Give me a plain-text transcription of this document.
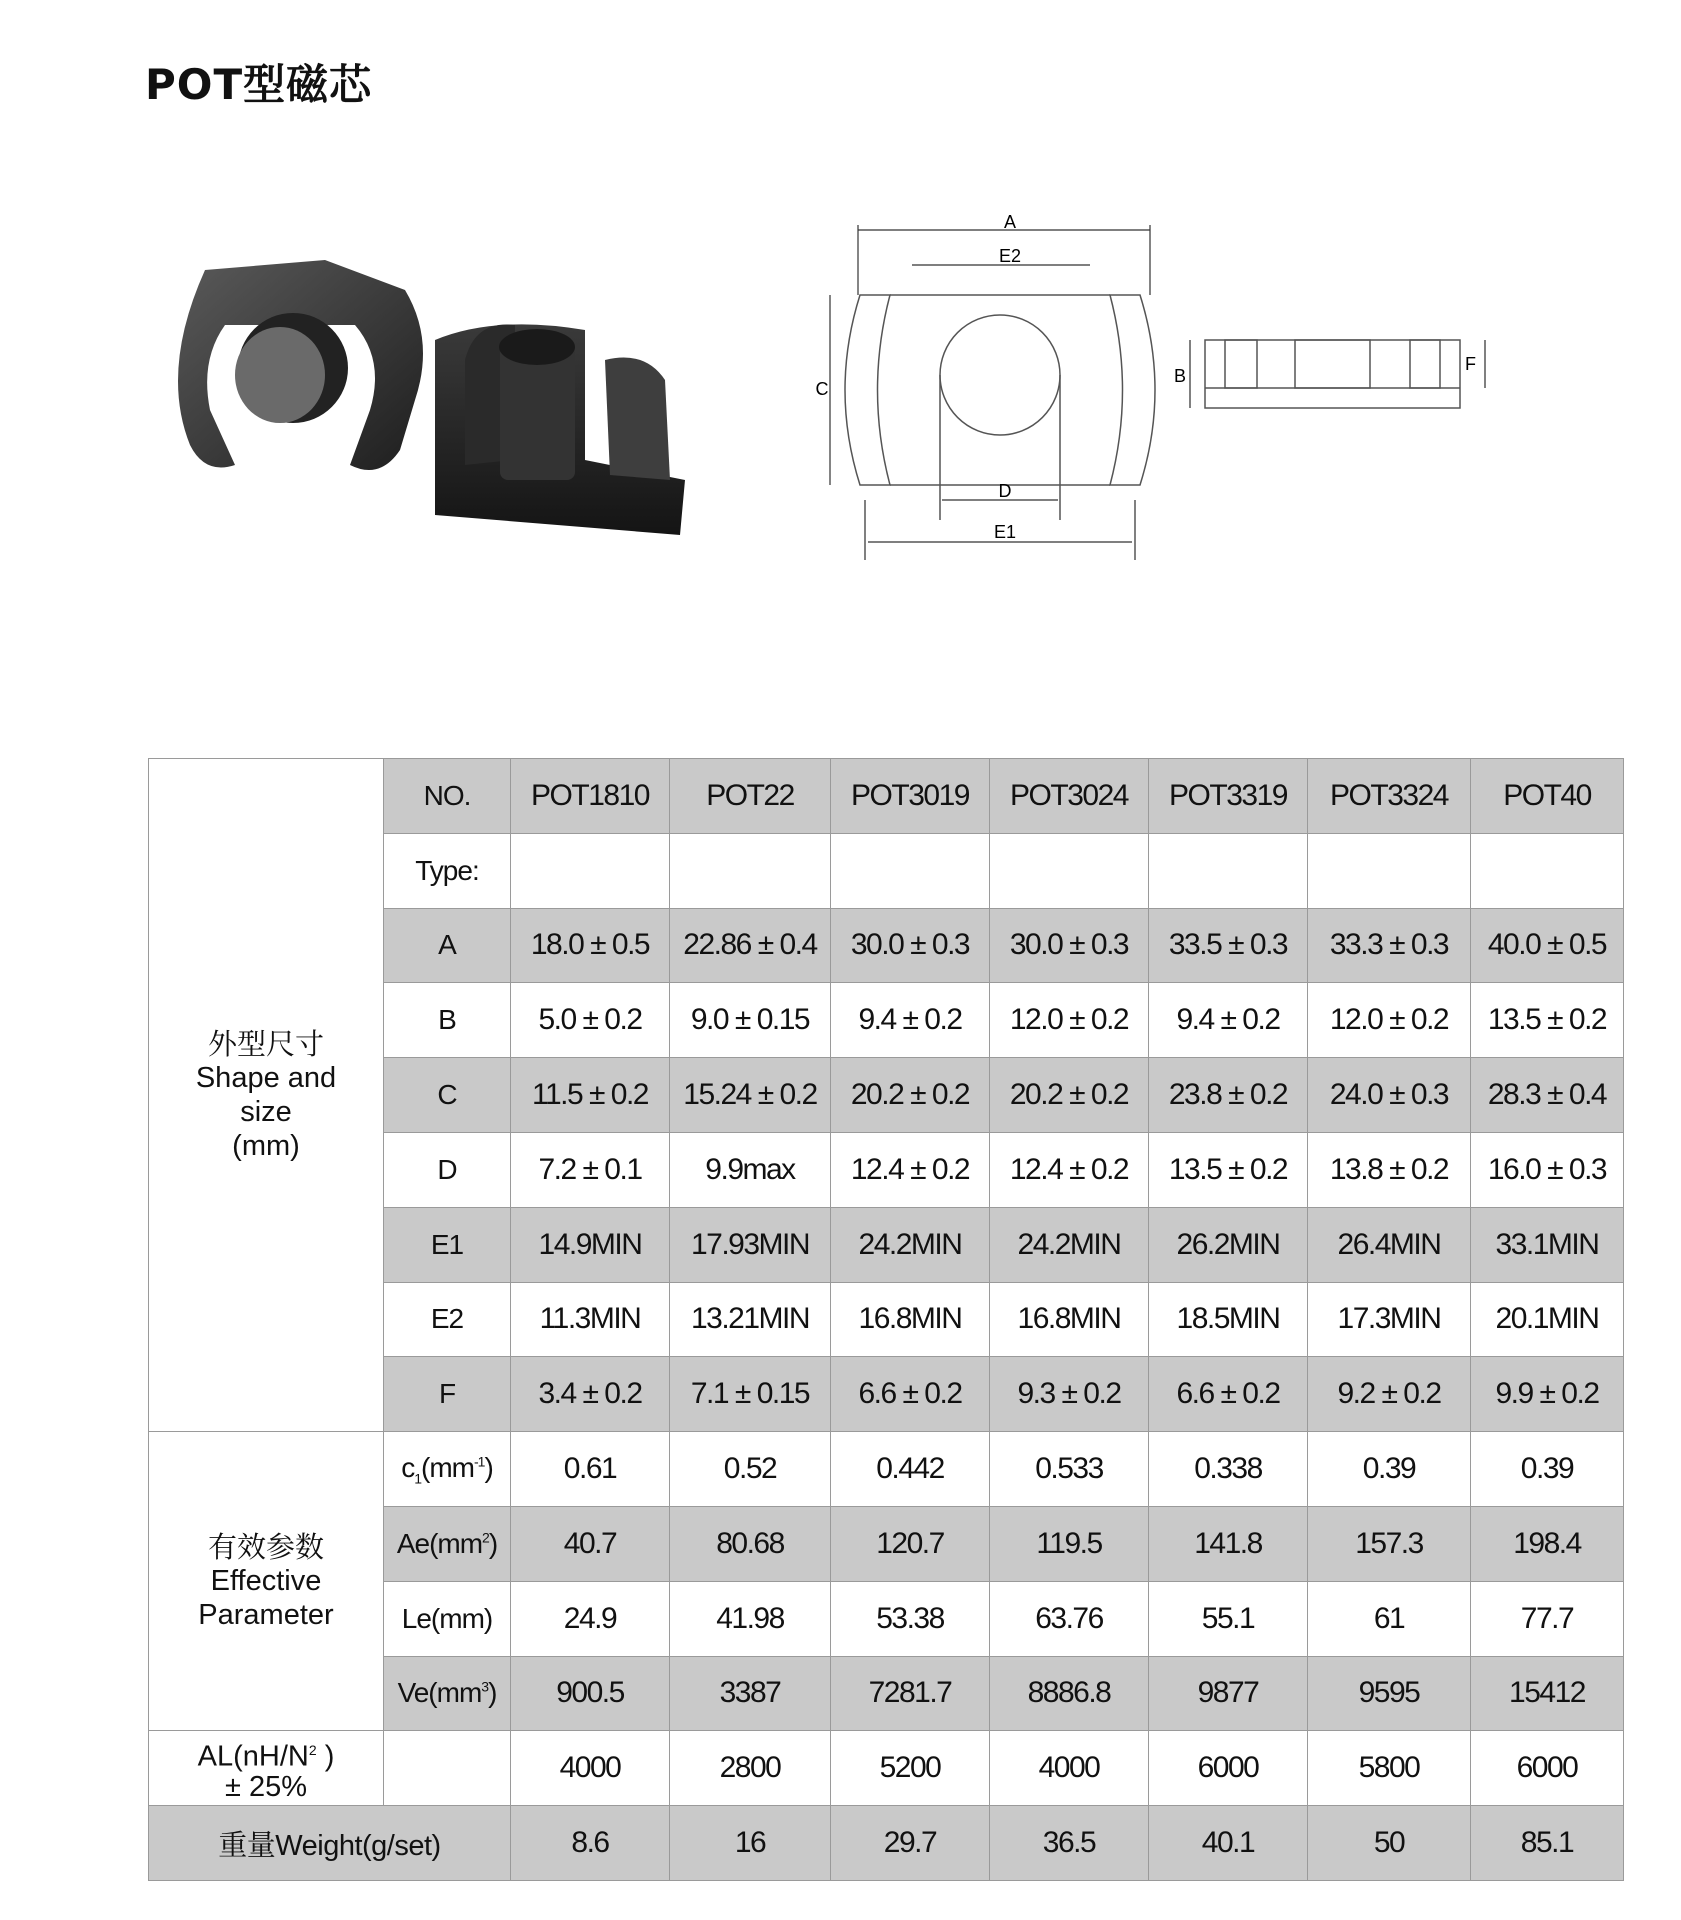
POT型磁芯
A
E2
C
D
E1
B
F
外型尺寸
Shape and
size
(mm)	NO.	POT1810	POT22	POT3019	POT3024	POT3319	POT3324	POT40
	Type:							
	A	18.0 ± 0.5	22.86 ± 0.4	30.0 ± 0.3	30.0 ± 0.3	33.5 ± 0.3	33.3 ± 0.3	40.0 ± 0.5
	B	5.0 ± 0.2	9.0 ± 0.15	9.4 ± 0.2	12.0 ± 0.2	9.4 ± 0.2	12.0 ± 0.2	13.5 ± 0.2
	C	11.5 ± 0.2	15.24 ± 0.2	20.2 ± 0.2	20.2 ± 0.2	23.8 ± 0.2	24.0 ± 0.3	28.3 ± 0.4
	D	7.2 ± 0.1	9.9max	12.4 ± 0.2	12.4 ± 0.2	13.5 ± 0.2	13.8 ± 0.2	16.0 ± 0.3
	E1	14.9MIN	17.93MIN	24.2MIN	24.2MIN	26.2MIN	26.4MIN	33.1MIN
	E2	11.3MIN	13.21MIN	16.8MIN	16.8MIN	18.5MIN	17.3MIN	20.1MIN
	F	3.4 ± 0.2	7.1 ± 0.15	6.6 ± 0.2	9.3 ± 0.2	6.6 ± 0.2	9.2 ± 0.2	9.9 ± 0.2

有效参数
Effective
Parameter	$c_1(mm^{-1})$	0.61	0.52	0.442	0.533	0.338	0.39	0.39
	$Ae(mm^2)$	40.7	80.68	120.7	119.5	141.8	157.3	198.4
	Le(mm)	24.9	41.98	53.38	63.76	55.1	61	77.7
	$Ve(mm^3)$	900.5	3387	7281.7	8886.8	9877	9595	15412

$AL(nH/N^2$ )
± 25%		4000	2800	5200	4000	6000	5800	6000
重量Weight(g/set)		8.6	16	29.7	36.5	40.1	50	85.1
